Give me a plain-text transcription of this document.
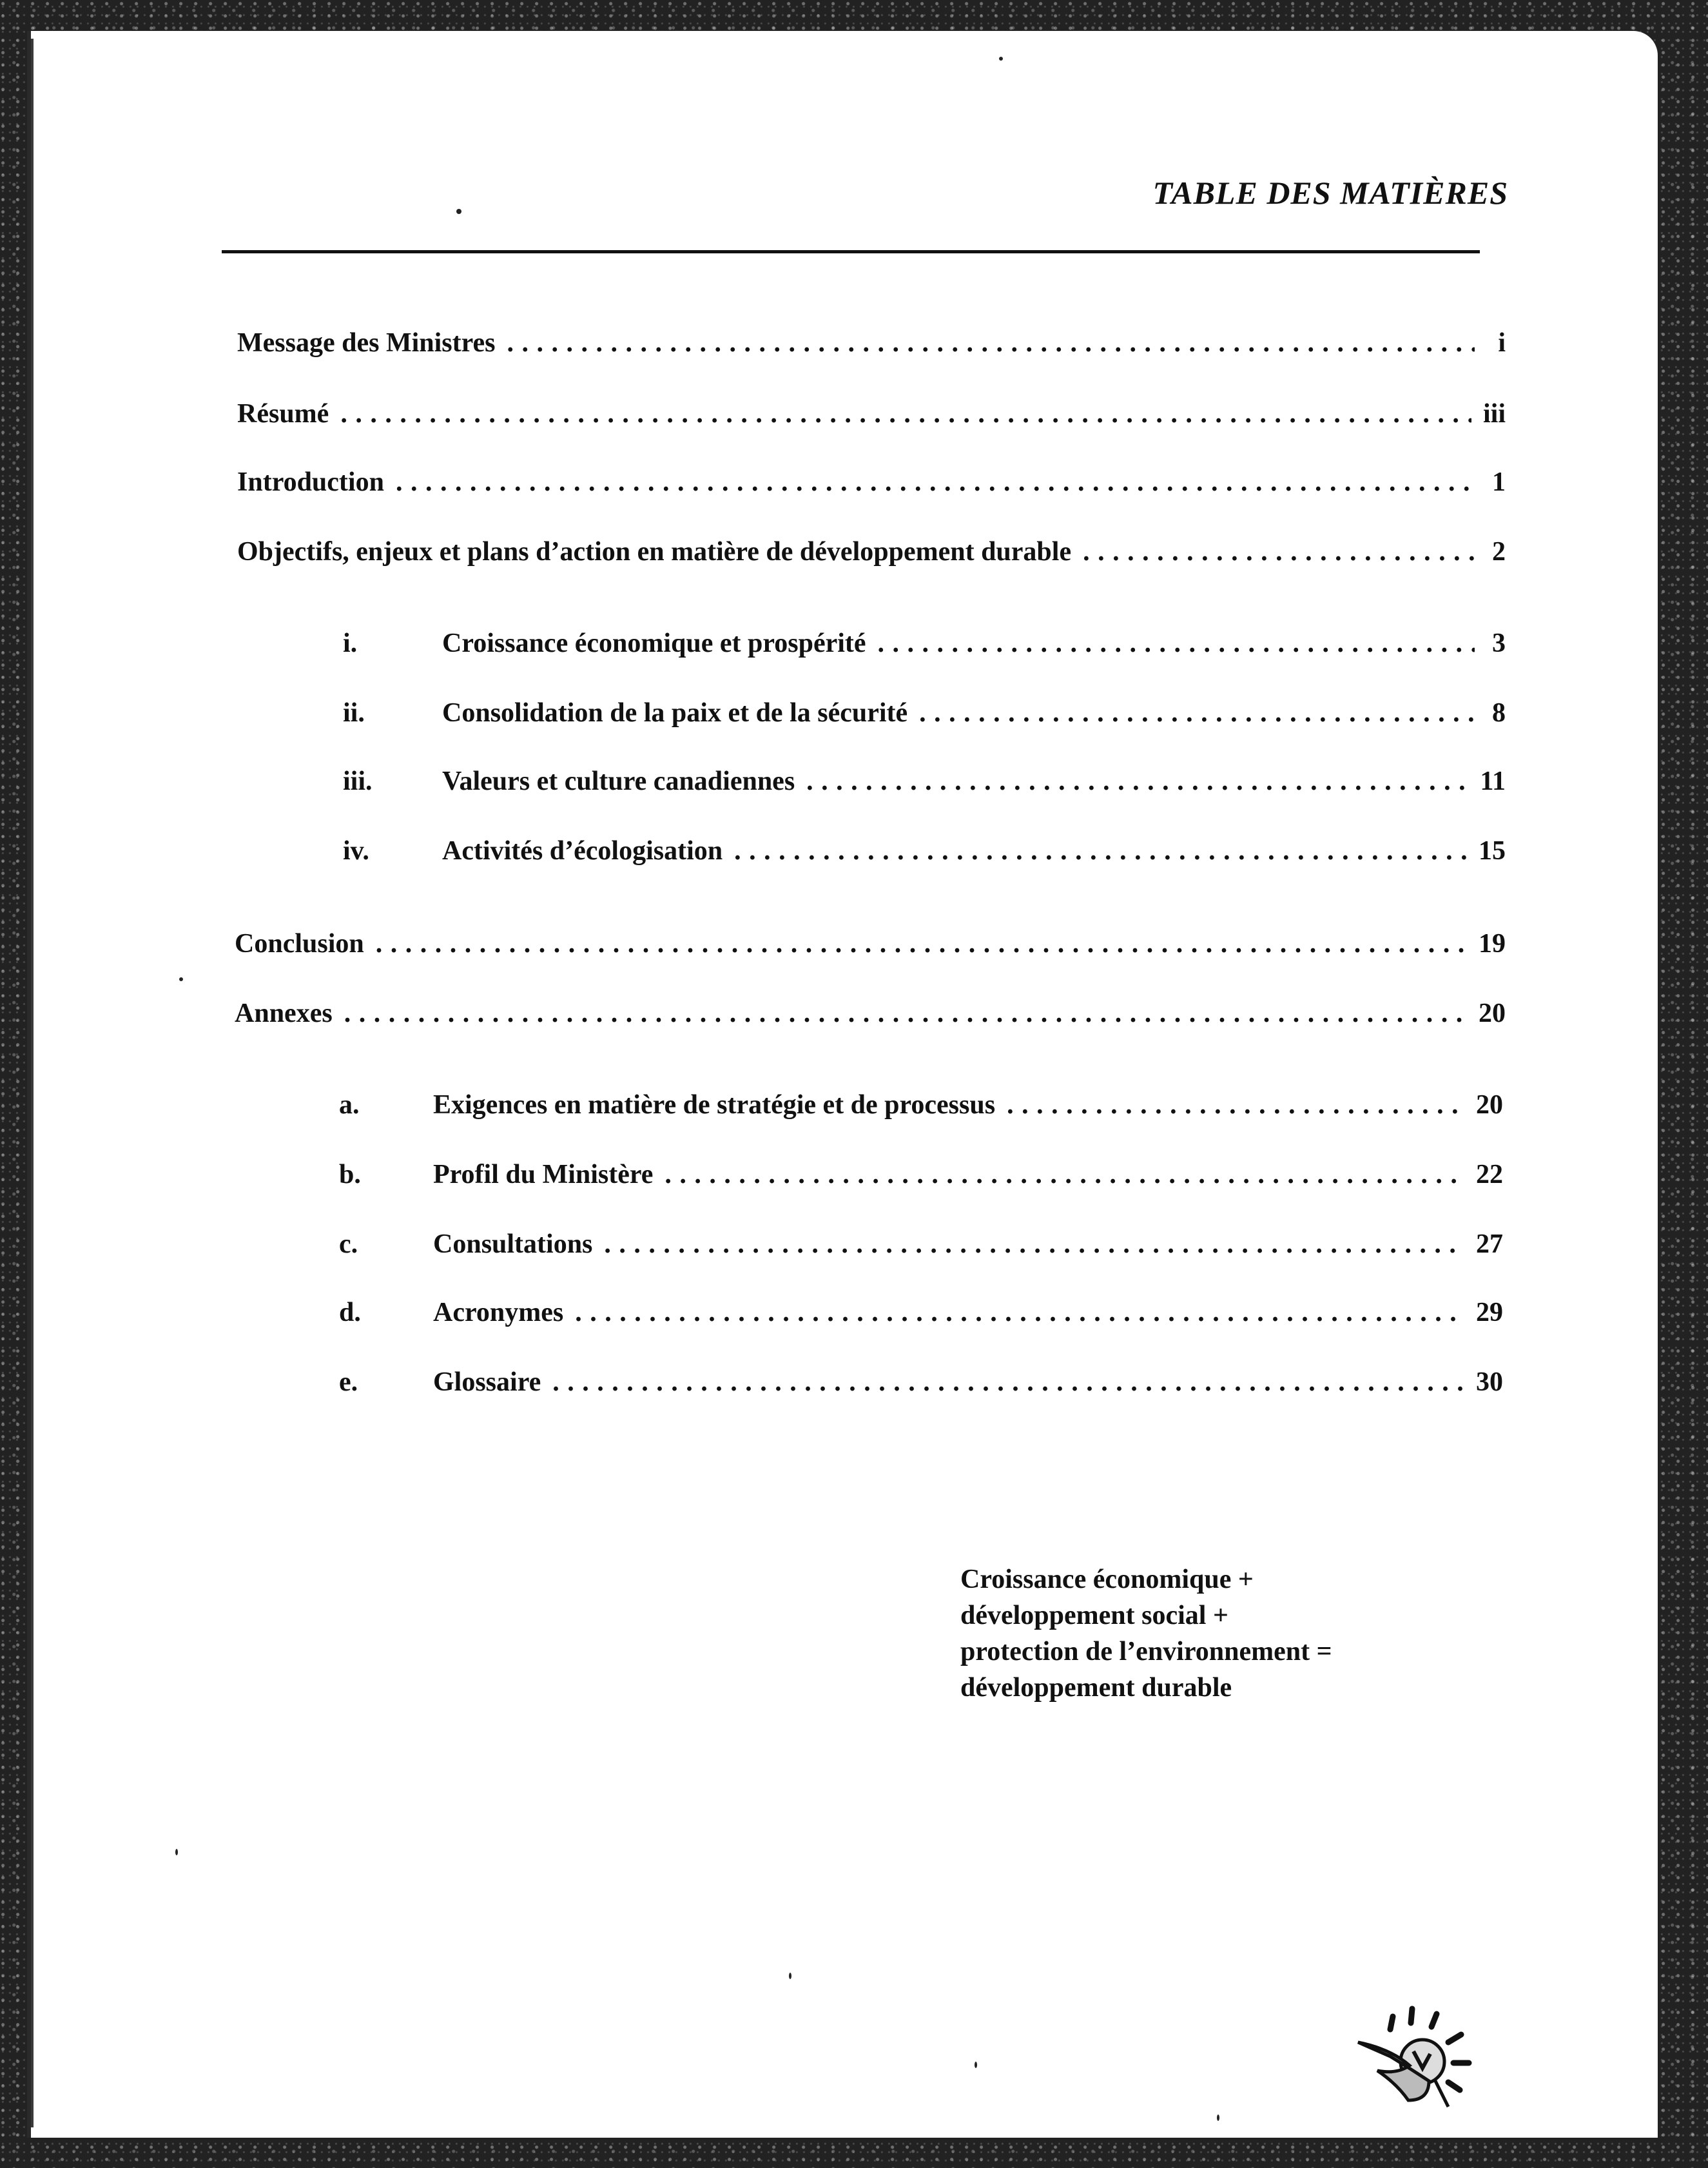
TABLE DES MATIÈRES
Message des Ministres . . .	i
Résumé . . .	iii
Introduction . . .	1
Objectifs, enjeux et plans d’action en matière de développement durable . . .	2
i.	Croissance économique et prospérité . . .	3
ii.	Consolidation de la paix et de la sécurité . . .	8
iii.	Valeurs et culture canadiennes . . .	11
iv.	Activités d’écologisation . . .	15
Conclusion . . .	19
Annexes . . .	20
a.	Exigences en matière de stratégie et de processus . . .	20
b.	Profil du Ministère . . .	22
c.	Consultations . . .	27
d.	Acronymes . . .	29
e.	Glossaire . . .	30
Croissance économique +
développement social +
protection de l’environnement =
développement durable
